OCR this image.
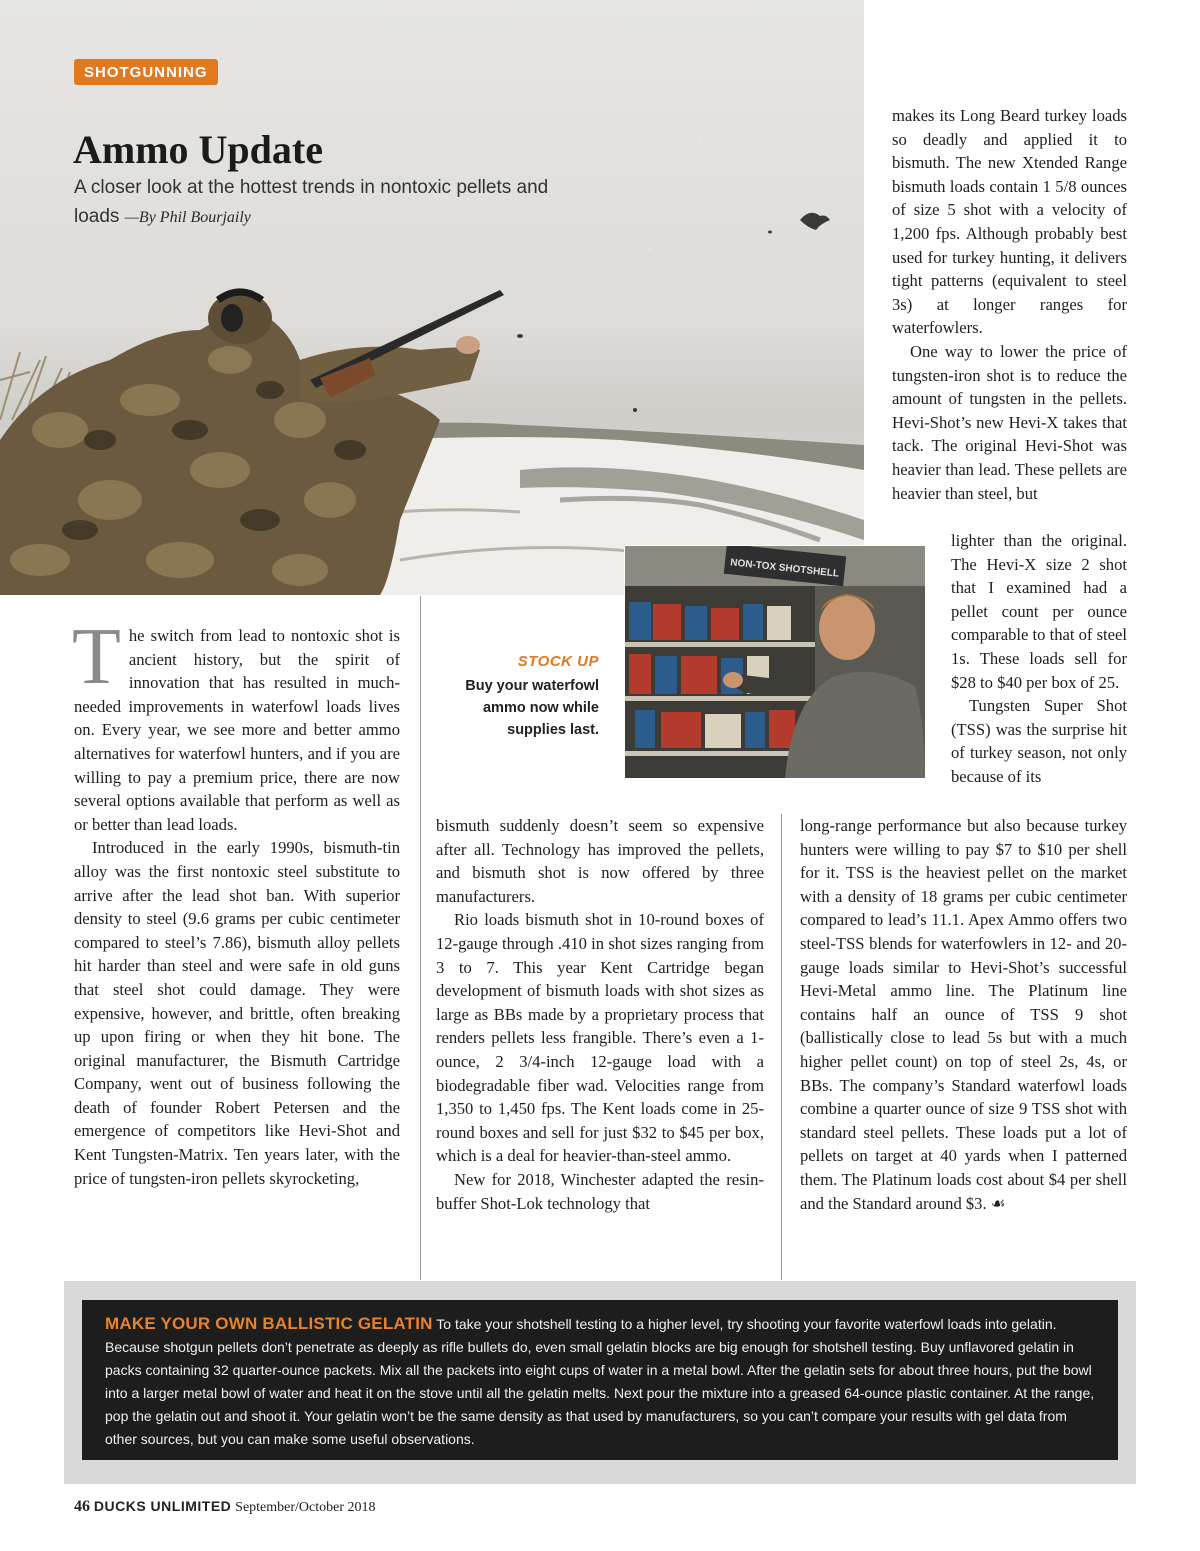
SHOTGUNNING
Ammo Update
A closer look at the hottest trends in nontoxic pellets and loads —By Phil Bourjaily

makes its Long Beard turkey loads so deadly and applied it to bismuth. The new Xtended Range bismuth loads contain 1 5/8 ounces of size 5 shot with a velocity of 1,200 fps. Although probably best used for turkey hunting, it delivers tight patterns (equivalent to steel 3s) at longer ranges for waterfowlers.

One way to lower the price of tungsten-iron shot is to reduce the amount of tungsten in the pellets. Hevi-Shot’s new Hevi-X takes that tack. The original Hevi-Shot was heavier than lead. These pellets are heavier than steel, but

lighter than the original. The Hevi-X size 2 shot that I examined had a pellet count per ounce comparable to that of steel 1s. These loads sell for $28 to $40 per box of 25.

Tungsten Super Shot (TSS) was the surprise hit of turkey season, not only because of its

The switch from lead to nontoxic shot is ancient history, but the spirit of innovation that has resulted in much-needed improvements in waterfowl loads lives on. Every year, we see more and better ammo alternatives for waterfowl hunters, and if you are willing to pay a premium price, there are now several options available that perform as well as or better than lead loads.

Introduced in the early 1990s, bismuth-tin alloy was the first nontoxic steel substitute to arrive after the lead shot ban. With superior density to steel (9.6 grams per cubic centimeter compared to steel’s 7.86), bismuth alloy pellets hit harder than steel and were safe in old guns that steel shot could damage. They were expensive, however, and brittle, often breaking up upon firing or when they hit bone. The original manufacturer, the Bismuth Cartridge Company, went out of business following the death of founder Robert Petersen and the emergence of competitors like Hevi-Shot and Kent Tungsten-Matrix. Ten years later, with the price of tungsten-iron pellets skyrocketing,

STOCK UP
Buy your waterfowl ammo now while supplies last.
NON-TOX SHOTSHELL

bismuth suddenly doesn’t seem so expensive after all. Technology has improved the pellets, and bismuth shot is now offered by three manufacturers.

Rio loads bismuth shot in 10-round boxes of 12-gauge through .410 in shot sizes ranging from 3 to 7. This year Kent Cartridge began development of bismuth loads with shot sizes as large as BBs made by a proprietary process that renders pellets less frangible. There’s even a 1-ounce, 2 3/4-inch 12-gauge load with a biodegradable fiber wad. Velocities range from 1,350 to 1,450 fps. The Kent loads come in 25-round boxes and sell for just $32 to $45 per box, which is a deal for heavier-than-steel ammo.

New for 2018, Winchester adapted the resin-buffer Shot-Lok technology that

long-range performance but also because turkey hunters were willing to pay $7 to $10 per shell for it. TSS is the heaviest pellet on the market with a density of 18 grams per cubic centimeter compared to lead’s 11.1. Apex Ammo offers two steel-TSS blends for waterfowlers in 12- and 20-gauge loads similar to Hevi-Shot’s successful Hevi-Metal ammo line. The Platinum line contains half an ounce of TSS 9 shot (ballistically close to lead 5s but with a much higher pellet count) on top of steel 2s, 4s, or BBs. The company’s Standard waterfowl loads combine a quarter ounce of size 9 TSS shot with standard steel pellets. These loads put a lot of pellets on target at 40 yards when I patterned them. The Platinum loads cost about $4 per shell and the Standard around $3. ☙

MAKE YOUR OWN BALLISTIC GELATIN To take your shotshell testing to a higher level, try shooting your favorite waterfowl loads into gelatin. Because shotgun pellets don’t penetrate as deeply as rifle bullets do, even small gelatin blocks are big enough for shotshell testing. Buy unflavored gelatin in packs containing 32 quarter-ounce packets. Mix all the packets into eight cups of water in a metal bowl. After the gelatin sets for about three hours, put the bowl into a larger metal bowl of water and heat it on the stove until all the gelatin melts. Next pour the mixture into a greased 64-ounce plastic container. At the range, pop the gelatin out and shoot it. Your gelatin won’t be the same density as that used by manufacturers, so you can’t compare your results with gel data from other sources, but you can make some useful observations.
46 DUCKS UNLIMITED September/October 2018
